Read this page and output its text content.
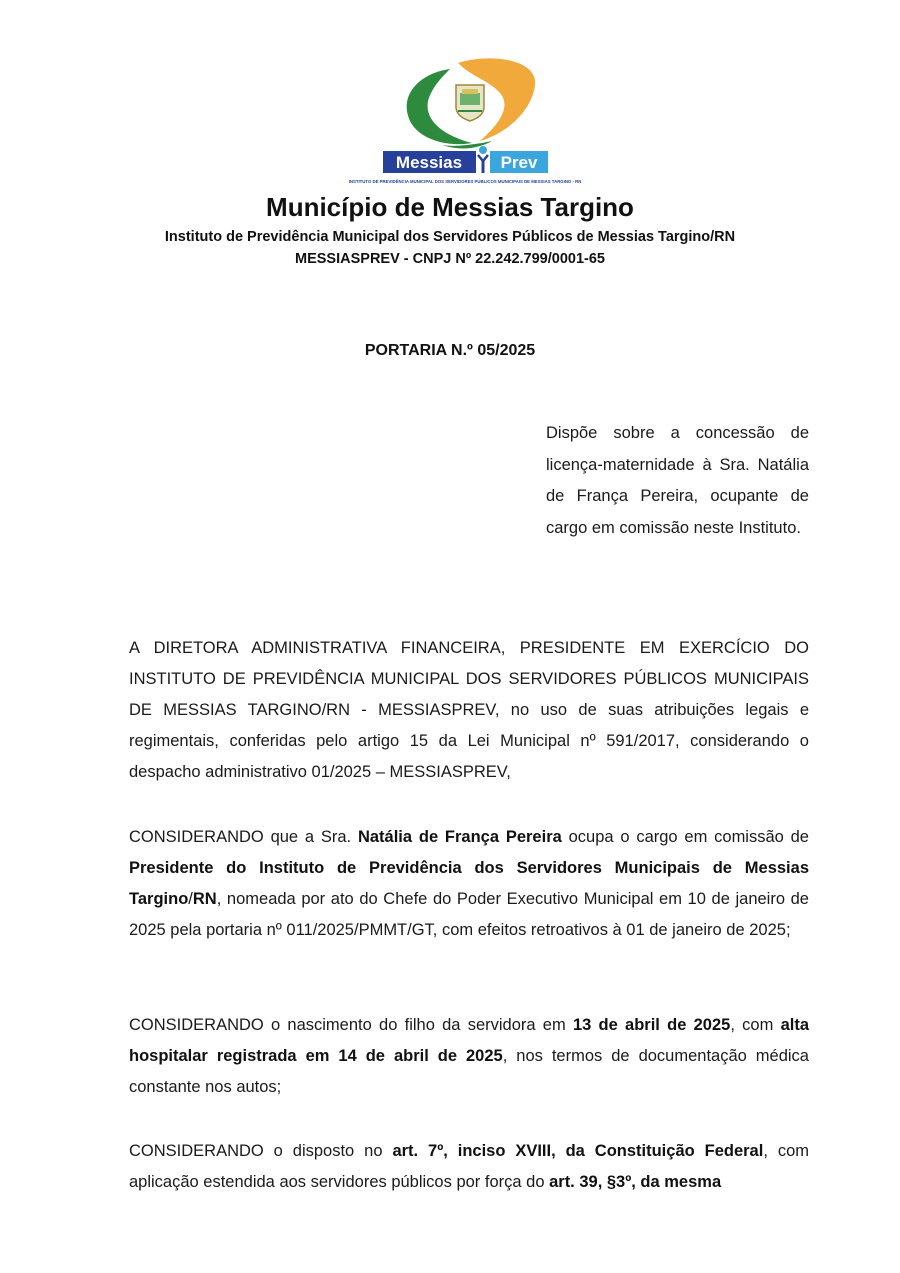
Messias Prev
INSTITUTO DE PREVIDÊNCIA MUNICIPAL DOS SERVIDORES PÚBLICOS MUNICIPAIS DE MESSIAS TARGINO - RN
Município de Messias Targino
Instituto de Previdência Municipal dos Servidores Públicos de Messias Targino/RN
MESSIASPREV - CNPJ Nº 22.242.799/0001-65
PORTARIA N.º 05/2025
Dispõe sobre a concessão de licença-maternidade à Sra. Natália de França Pereira, ocupante de cargo em comissão neste Instituto.

A DIRETORA ADMINISTRATIVA FINANCEIRA, PRESIDENTE EM EXERCÍCIO DO INSTITUTO DE PREVIDÊNCIA MUNICIPAL DOS SERVIDORES PÚBLICOS MUNICIPAIS DE MESSIAS TARGINO/RN - MESSIASPREV, no uso de suas atribuições legais e regimentais, conferidas pelo artigo 15 da Lei Municipal nº 591/2017, considerando o despacho administrativo 01/2025 – MESSIASPREV,

CONSIDERANDO que a Sra. Natália de França Pereira ocupa o cargo em comissão de Presidente do Instituto de Previdência dos Servidores Municipais de Messias Targino/RN, nomeada por ato do Chefe do Poder Executivo Municipal em 10 de janeiro de 2025 pela portaria nº 011/2025/PMMT/GT, com efeitos retroativos à 01 de janeiro de 2025;

CONSIDERANDO o nascimento do filho da servidora em 13 de abril de 2025, com alta hospitalar registrada em 14 de abril de 2025, nos termos de documentação médica constante nos autos;

CONSIDERANDO o disposto no art. 7º, inciso XVIII, da Constituição Federal, com aplicação estendida aos servidores públicos por força do art. 39, §3º, da mesma
